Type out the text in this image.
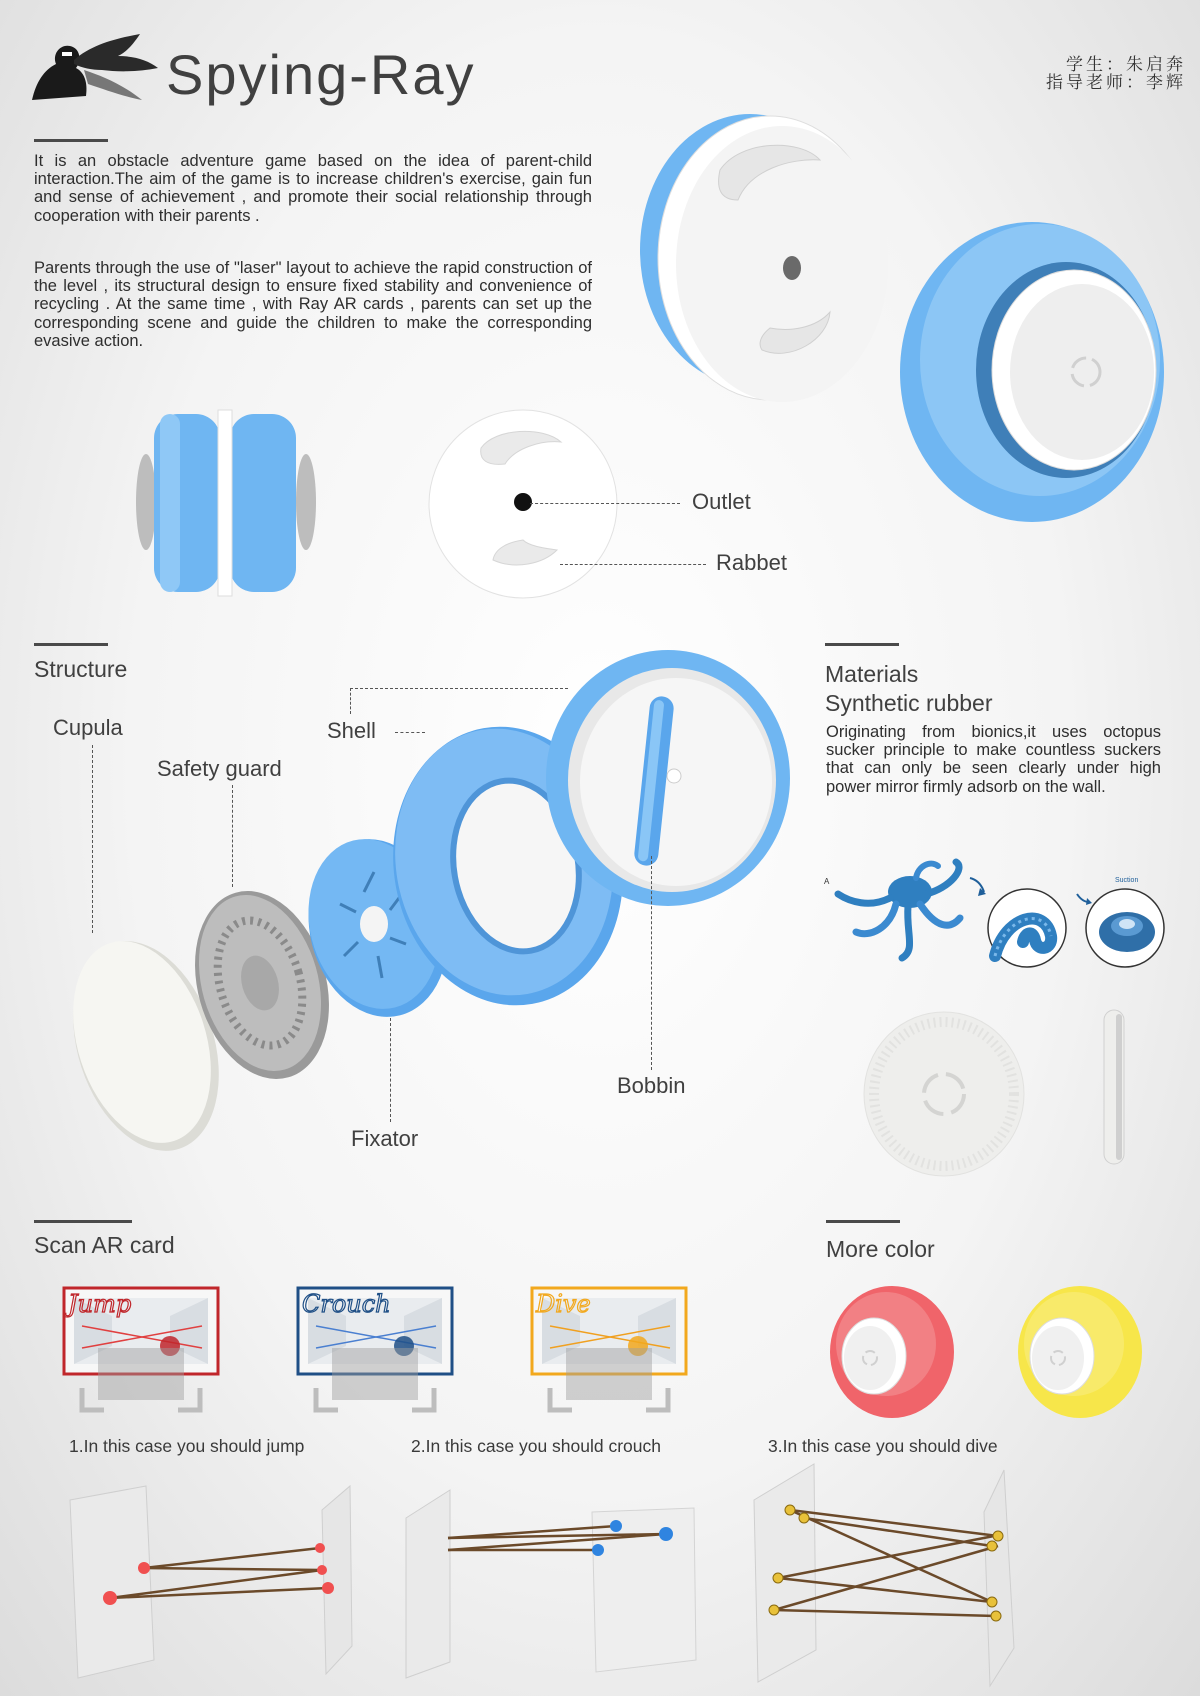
Spying-Ray	学生：朱启奔
指导老师：李辉
It is an obstacle adventure game based on the idea of parent-child interaction.The aim of the game is to increase children's exercise, gain fun and sense of achievement , and promote their social relationship through cooperation with their parents .
Parents through the use of "laser" layout to achieve the rapid construction of the level , its structural design to ensure fixed stability and convenience of recycling . At the same time , with Ray AR cards , parents can set up the corresponding scene and guide the children to make the corresponding evasive action.
Outlet
Rabbet
Structure
Cupula
Safety guard
Shell
Fixator
Bobbin
Materials
Synthetic rubber
Originating from bionics,it uses octopus sucker principle to make countless suckers that can only be seen clearly under high power mirror firmly adsorb on the wall.
A	Suction
Scan AR card
Jump
1.In this case you should jump
Crouch
2.In this case you should crouch
Dive
3.In this case you should dive
More color
